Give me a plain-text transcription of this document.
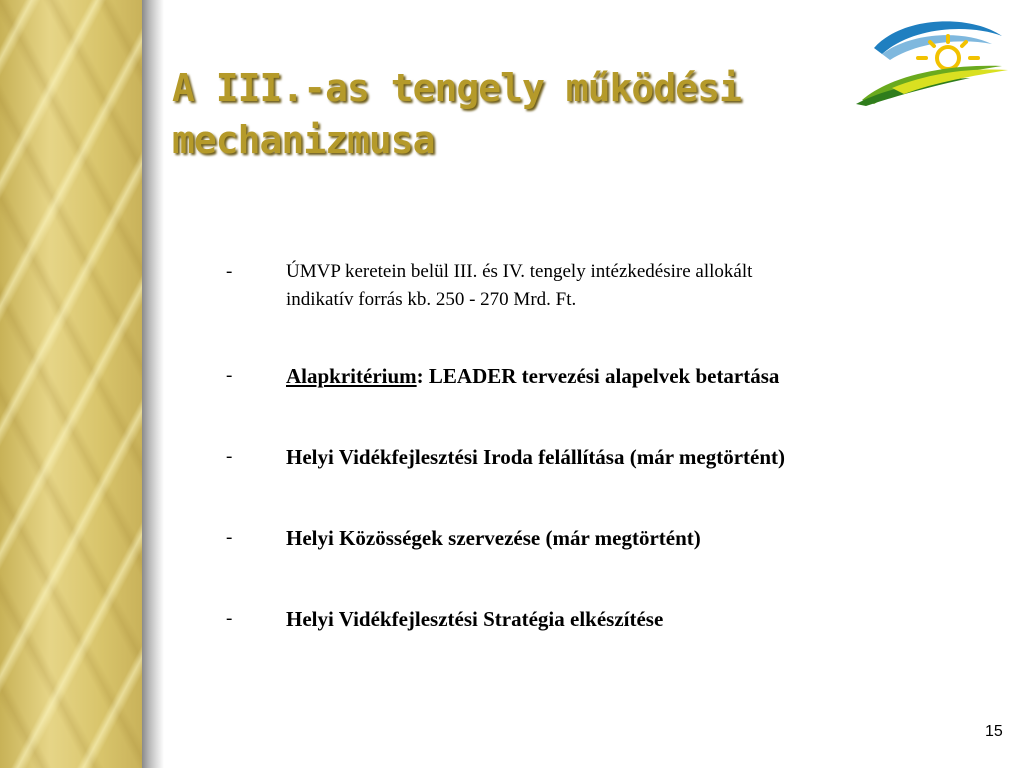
A III.-as tengely működési
mechanizmusa
-	ÚMVP keretein belül III. és IV. tengely intézkedésire allokált
indikatív forrás kb. 250 - 270 Mrd. Ft.
-	Alapkritérium: LEADER tervezési alapelvek betartása
-	Helyi Vidékfejlesztési Iroda felállítása (már megtörtént)
-	Helyi Közösségek szervezése (már megtörtént)
-	Helyi Vidékfejlesztési Stratégia elkészítése
15
